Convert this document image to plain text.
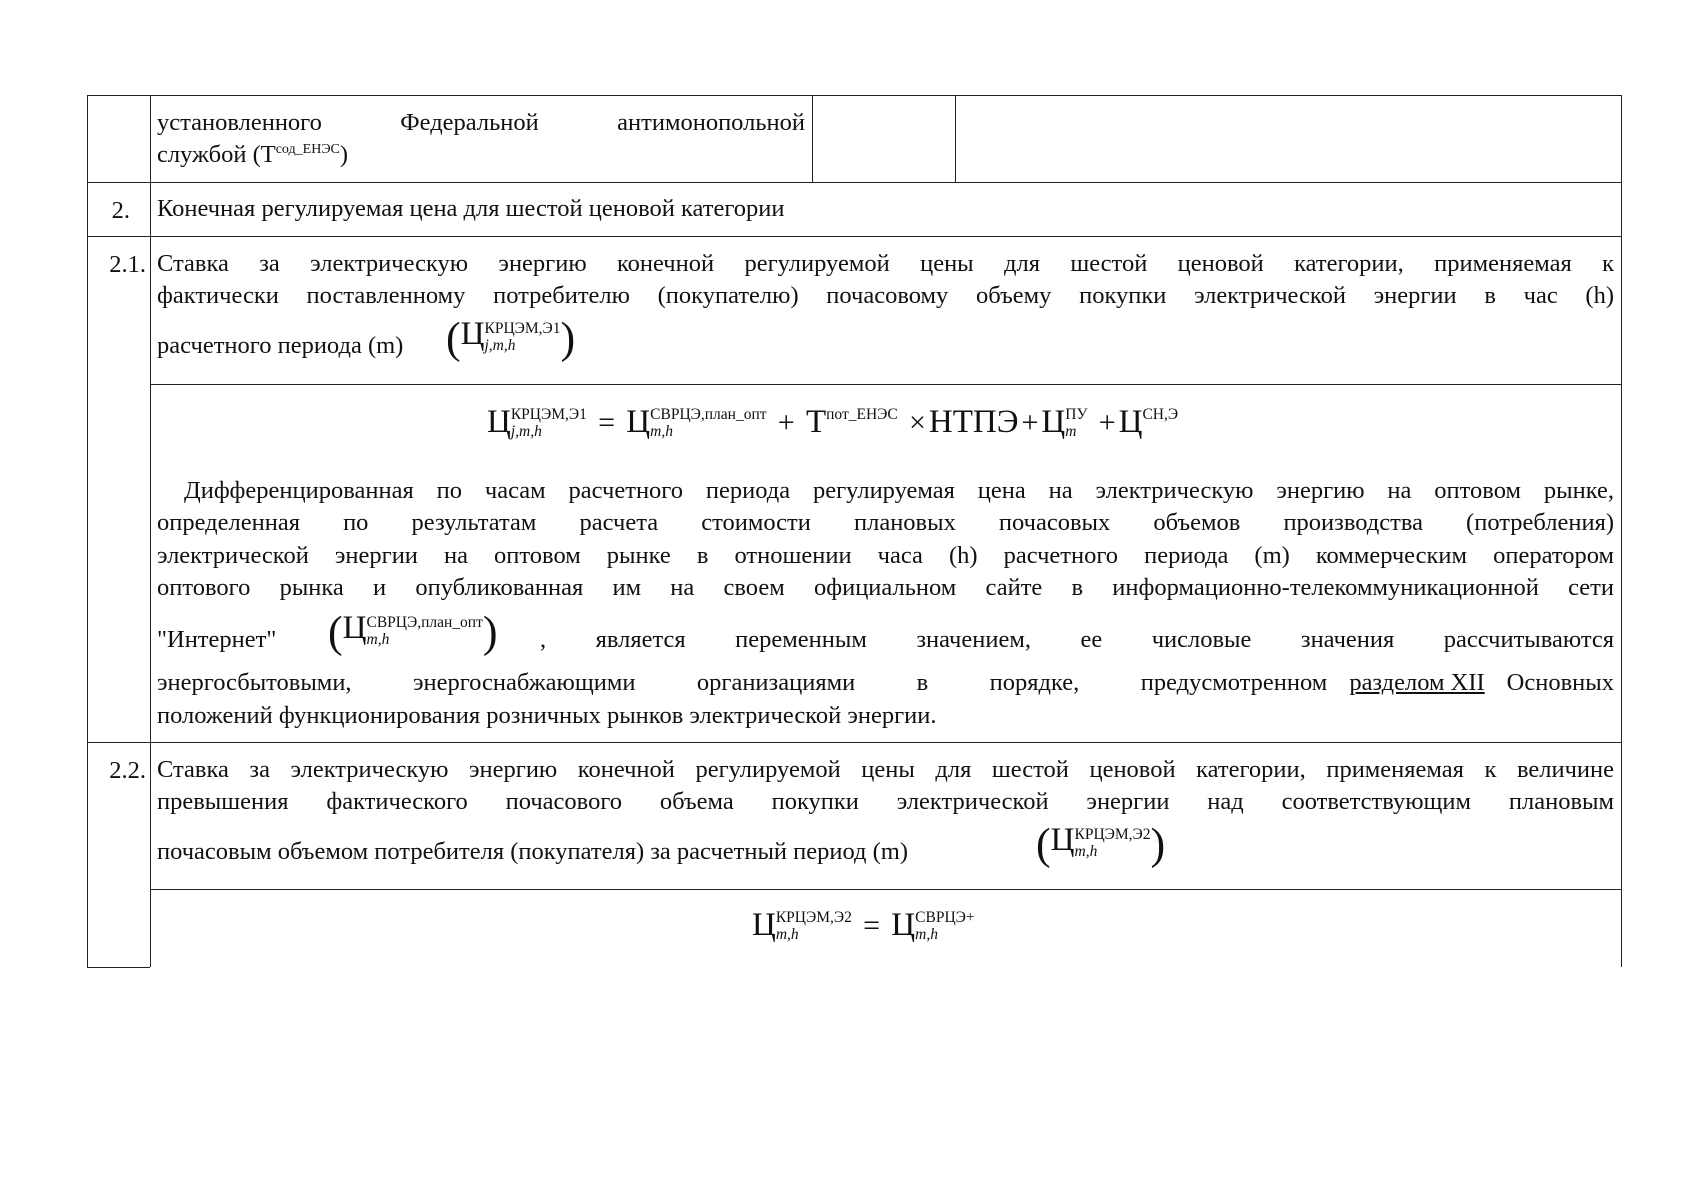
установленного	Федеральной	антимонопольной
службой $(Т^{сод\_ЕНЭС})$
2. Конечная регулируемая цена для шестой ценовой категории
2.1. Ставка за электрическую энергию конечной регулируемой цены для шестой ценовой категории, применяемая к
фактически поставленному потребителю (покупателю) почасовому объему покупки электрической энергии в час (h)
расчетного периода (m) (Ц КРЦЭМ,Э1
j,m,h	)
Ц КРЦЭМ,Э1
j,m,h	= Ц СВРЦЭ,план_опт
m,h	+ Т пот_ЕНЭС
×НТПЭ +Ц ПУ
m +Ц СН,Э

Дифференцированная по часам расчетного периода регулируемая цена на электрическую энергию на оптовом рынке,
определенная по результатам расчета стоимости плановых почасовых объемов производства (потребления)
электрической энергии на оптовом рынке в отношении часа (h) расчетного периода (m) коммерческим оператором
оптового рынка и опубликованная им на своем официальном сайте в информационно-телекоммуникационной сети
"Интернет" (Ц СВРЦЭ,план_опт
m,h	) , является переменным значением, ее числовые значения рассчитываются
энергосбытовыми, энергоснабжающими организациями в порядке, предусмотренном разделом XII Основных
положений функционирования розничных рынков электрической энергии.
2.2. Ставка за электрическую энергию конечной регулируемой цены для шестой ценовой категории, применяемая к величине
превышения фактического почасового объема покупки электрической энергии над соответствующим плановым
почасовым объемом потребителя (покупателя) за расчетный период (m)	(Ц КРЦЭМ,Э2
m,h	)
Ц КРЦЭМ,Э2
m,h	= Ц СВРЦЭ+
m,h
